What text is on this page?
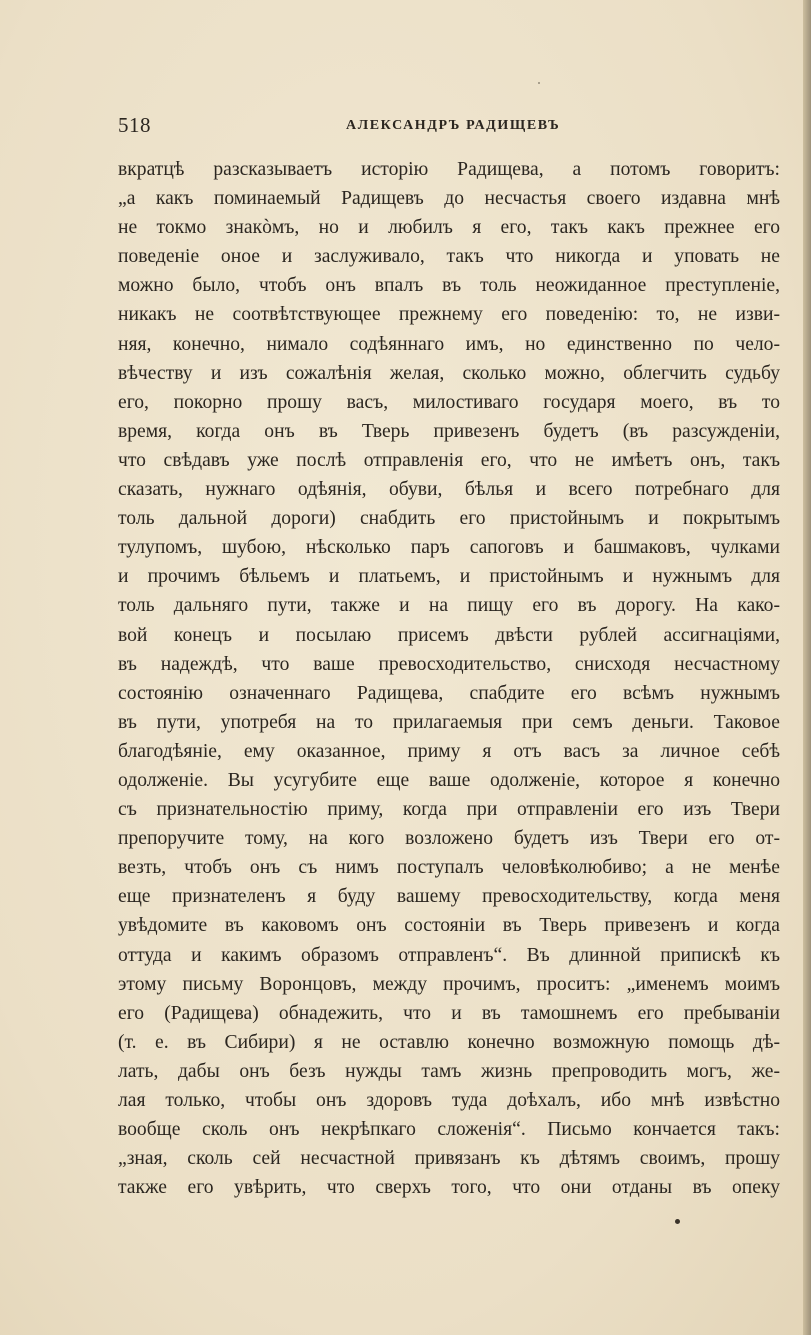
518	АЛЕКСАНДРЪ РАДИЩЕВЪ
вкратцѣ разсказываетъ исторію Радищева, а потомъ говоритъ:
„а какъ поминаемый Радищевъ до несчастья своего издавна мнѣ
не токмо знакòмъ, но и любилъ я его, такъ какъ прежнее его
поведеніе оное и заслуживало, такъ что никогда и уповать не
можно было, чтобъ онъ впалъ въ толь неожиданное преступленіе,
никакъ не соотвѣтствующее прежнему его поведенію: то, не изви-
няя, конечно, нимало содѣяннаго имъ, но единственно по чело-
вѣчеству и изъ сожалѣнія желая, сколько можно, облегчить судьбу
его, покорно прошу васъ, милостиваго государя моего, въ то
время, когда онъ въ Тверь привезенъ будетъ (въ разсужденіи,
что свѣдавъ уже послѣ отправленія его, что не имѣетъ онъ, такъ
сказать, нужнаго одѣянія, обуви, бѣлья и всего потребнаго для
толь дальной дороги) снабдить его пристойнымъ и покрытымъ
тулупомъ, шубою, нѣсколько паръ сапоговъ и башмаковъ, чулками
и прочимъ бѣльемъ и платьемъ, и пристойнымъ и нужнымъ для
толь дальняго пути, также и на пищу его въ дорогу. На како-
вой конецъ и посылаю присемъ двѣсти рублей ассигнаціями,
въ надеждѣ, что ваше превосходительство, снисходя несчастному
состоянію означеннаго Радищева, спабдите его всѣмъ нужнымъ
въ пути, употребя на то прилагаемыя при семъ деньги. Таковое
благодѣяніе, ему оказанное, приму я отъ васъ за личное себѣ
одолженіе. Вы усугубите еще ваше одолженіе, которое я конечно
съ признательностію приму, когда при отправленіи его изъ Твери
препоручите тому, на кого возложено будетъ изъ Твери его от-
везть, чтобъ онъ съ нимъ поступалъ человѣколюбиво; а не менѣе
еще признателенъ я буду вашему превосходительству, когда меня
увѣдомите въ каковомъ онъ состояніи въ Тверь привезенъ и когда
оттуда и какимъ образомъ отправленъ“. Въ длинной припискѣ къ
этому письму Воронцовъ, между прочимъ, проситъ: „именемъ моимъ
его (Радищева) обнадежить, что и въ тамошнемъ его пребываніи
(т. е. въ Сибири) я не оставлю конечно возможную помощь дѣ-
лать, дабы онъ безъ нужды тамъ жизнь препроводить могъ, же-
лая только, чтобы онъ здоровъ туда доѣхалъ, ибо мнѣ извѣстно
вообще сколь онъ некрѣпкаго сложенія“. Письмо кончается такъ:
„зная, сколь сей несчастной привязанъ къ дѣтямъ своимъ, прошу
также его увѣрить, что сверхъ того, что они отданы въ опеку
